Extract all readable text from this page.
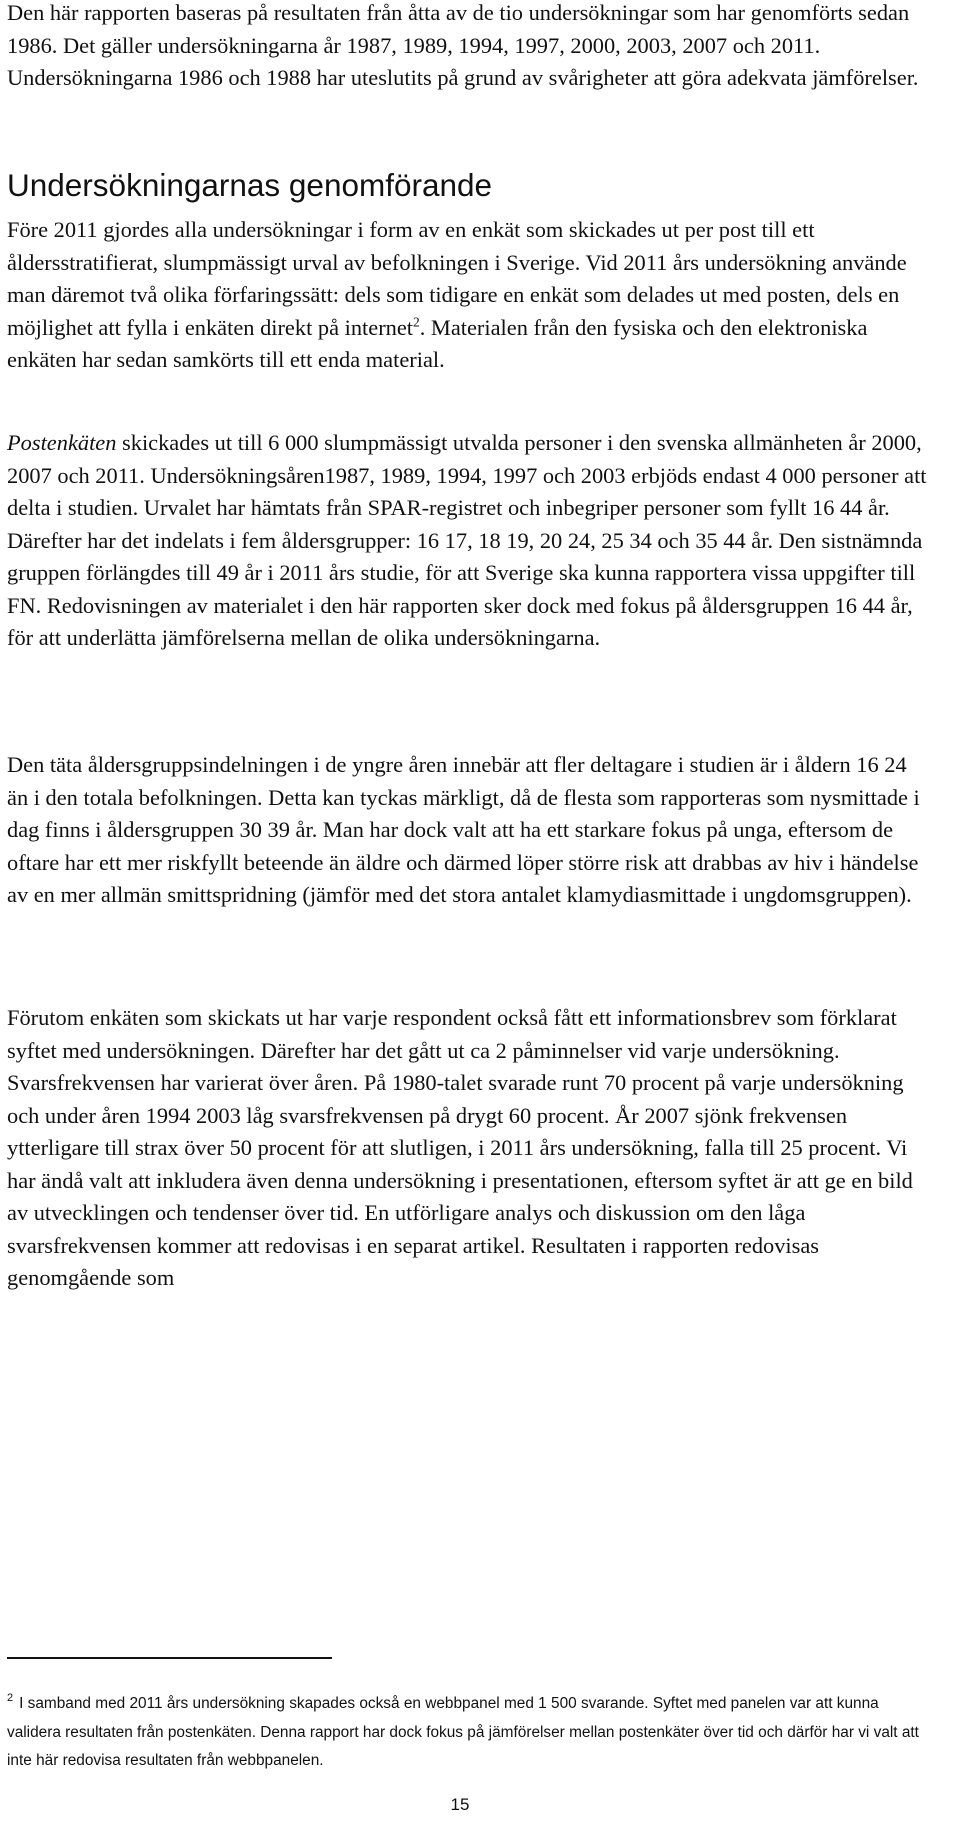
Den här rapporten baseras på resultaten från åtta av de tio undersökningar som har genomförts sedan 1986. Det gäller undersökningarna år 1987, 1989, 1994, 1997, 2000, 2003, 2007 och 2011. Undersökningarna 1986 och 1988 har uteslutits på grund av svårigheter att göra adekvata jämförelser.

Undersökningarnas genomförande

Före 2011 gjordes alla undersökningar i form av en enkät som skickades ut per post till ett åldersstratifierat, slumpmässigt urval av befolkningen i Sverige. Vid 2011 års undersökning använde man däremot två olika förfaringssätt: dels som tidigare en enkät som delades ut med posten, dels en möjlighet att fylla i enkäten direkt på internet$^2$. Materialen från den fysiska och den elektroniska enkäten har sedan samkörts till ett enda material.

Postenkäten skickades ut till 6 000 slumpmässigt utvalda personer i den svenska allmänheten år 2000, 2007 och 2011. Undersökningsåren1987, 1989, 1994, 1997 och 2003 erbjöds endast 4 000 personer att delta i studien. Urvalet har hämtats från SPAR-registret och inbegriper personer som fyllt 16 44 år. Därefter har det indelats i fem åldersgrupper: 16 17, 18 19, 20 24, 25 34 och 35 44 år. Den sistnämnda gruppen förlängdes till 49 år i 2011 års studie, för att Sverige ska kunna rapportera vissa uppgifter till FN. Redovisningen av materialet i den här rapporten sker dock med fokus på åldersgruppen 16 44 år, för att underlätta jämförelserna mellan de olika undersökningarna.

Den täta åldersgruppsindelningen i de yngre åren innebär att fler deltagare i studien är i åldern 16 24 än i den totala befolkningen. Detta kan tyckas märkligt, då de flesta som rapporteras som nysmittade i dag finns i åldersgruppen 30 39 år. Man har dock valt att ha ett starkare fokus på unga, eftersom de oftare har ett mer riskfyllt beteende än äldre och därmed löper större risk att drabbas av hiv i händelse av en mer allmän smittspridning (jämför med det stora antalet klamydiasmittade i ungdomsgruppen).

Förutom enkäten som skickats ut har varje respondent också fått ett informationsbrev som förklarat syftet med undersökningen. Därefter har det gått ut ca 2 påminnelser vid varje undersökning. Svarsfrekvensen har varierat över åren. På 1980-talet svarade runt 70 procent på varje undersökning och under åren 1994 2003 låg svarsfrekvensen på drygt 60 procent. År 2007 sjönk frekvensen ytterligare till strax över 50 procent för att slutligen, i 2011 års undersökning, falla till 25 procent. Vi har ändå valt att inkludera även denna undersökning i presentationen, eftersom syftet är att ge en bild av utvecklingen och tendenser över tid. En utförligare analys och diskussion om den låga svarsfrekvensen kommer att redovisas i en separat artikel. Resultaten i rapporten redovisas genomgående som

$^2$ I samband med 2011 års undersökning skapades också en webbpanel med 1 500 svarande. Syftet med panelen var att kunna validera resultaten från postenkäten. Denna rapport har dock fokus på jämförelser mellan postenkäter över tid och därför har vi valt att inte här redovisa resultaten från webbpanelen.

15
